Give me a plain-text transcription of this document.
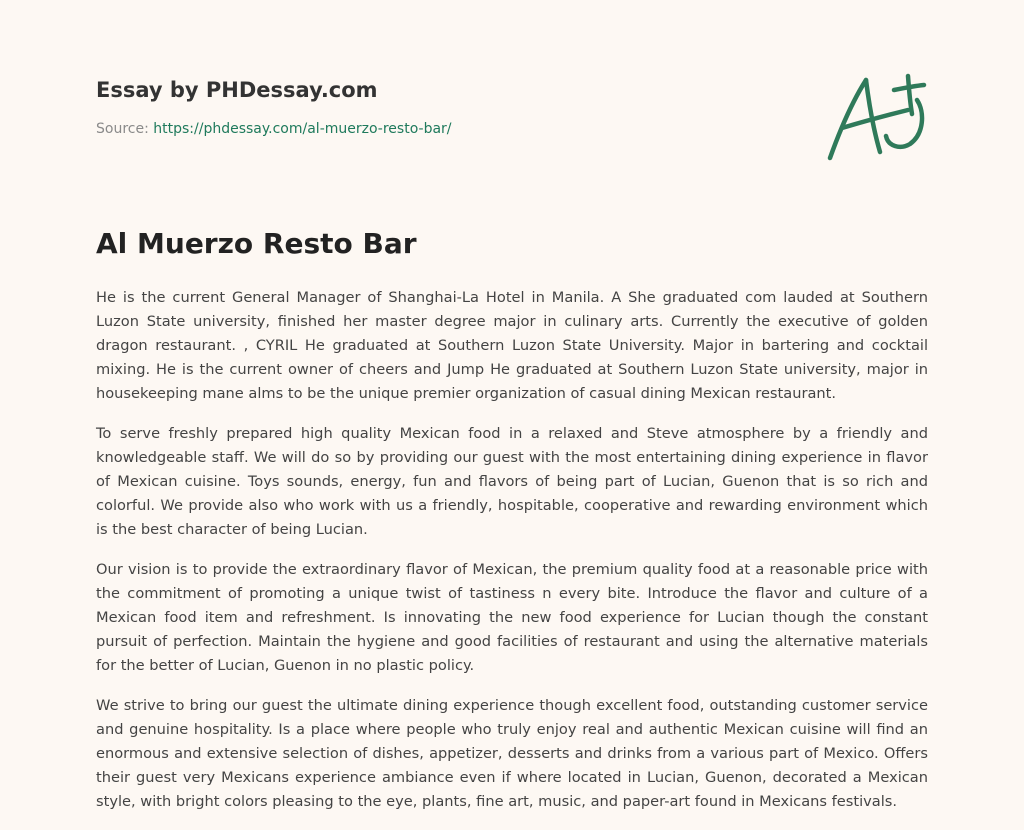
Essay by PHDessay.com
Source: https://phdessay.com/al-muerzo-resto-bar/
Al Muerzo Resto Bar

He is the current General Manager of Shanghai-La Hotel in Manila. A She graduated com lauded at Southern Luzon State university, finished her master degree major in culinary arts. Currently the executive of golden dragon restaurant. , CYRIL He graduated at Southern Luzon State University. Major in bartering and cocktail mixing. He is the current owner of cheers and Jump He graduated at Southern Luzon State university, major in housekeeping mane alms to be the unique premier organization of casual dining Mexican restaurant.

To serve freshly prepared high quality Mexican food in a relaxed and Steve atmosphere by a friendly and knowledgeable staff. We will do so by providing our guest with the most entertaining dining experience in flavor of Mexican cuisine. Toys sounds, energy, fun and flavors of being part of Lucian, Guenon that is so rich and colorful. We provide also who work with us a friendly, hospitable, cooperative and rewarding environment which is the best character of being Lucian.

Our vision is to provide the extraordinary flavor of Mexican, the premium quality food at a reasonable price with the commitment of promoting a unique twist of tastiness n every bite. Introduce the flavor and culture of a Mexican food item and refreshment. Is innovating the new food experience for Lucian though the constant pursuit of perfection. Maintain the hygiene and good facilities of restaurant and using the alternative materials for the better of Lucian, Guenon in no plastic policy.

We strive to bring our guest the ultimate dining experience though excellent food, outstanding customer service and genuine hospitality. Is a place where people who truly enjoy real and authentic Mexican cuisine will find an enormous and extensive selection of dishes, appetizer, desserts and drinks from a various part of Mexico. Offers their guest very Mexicans experience ambiance even if where located in Lucian, Guenon, decorated a Mexican style, with bright colors pleasing to the eye, plants, fine art, music, and paper-art found in Mexicans festivals.
